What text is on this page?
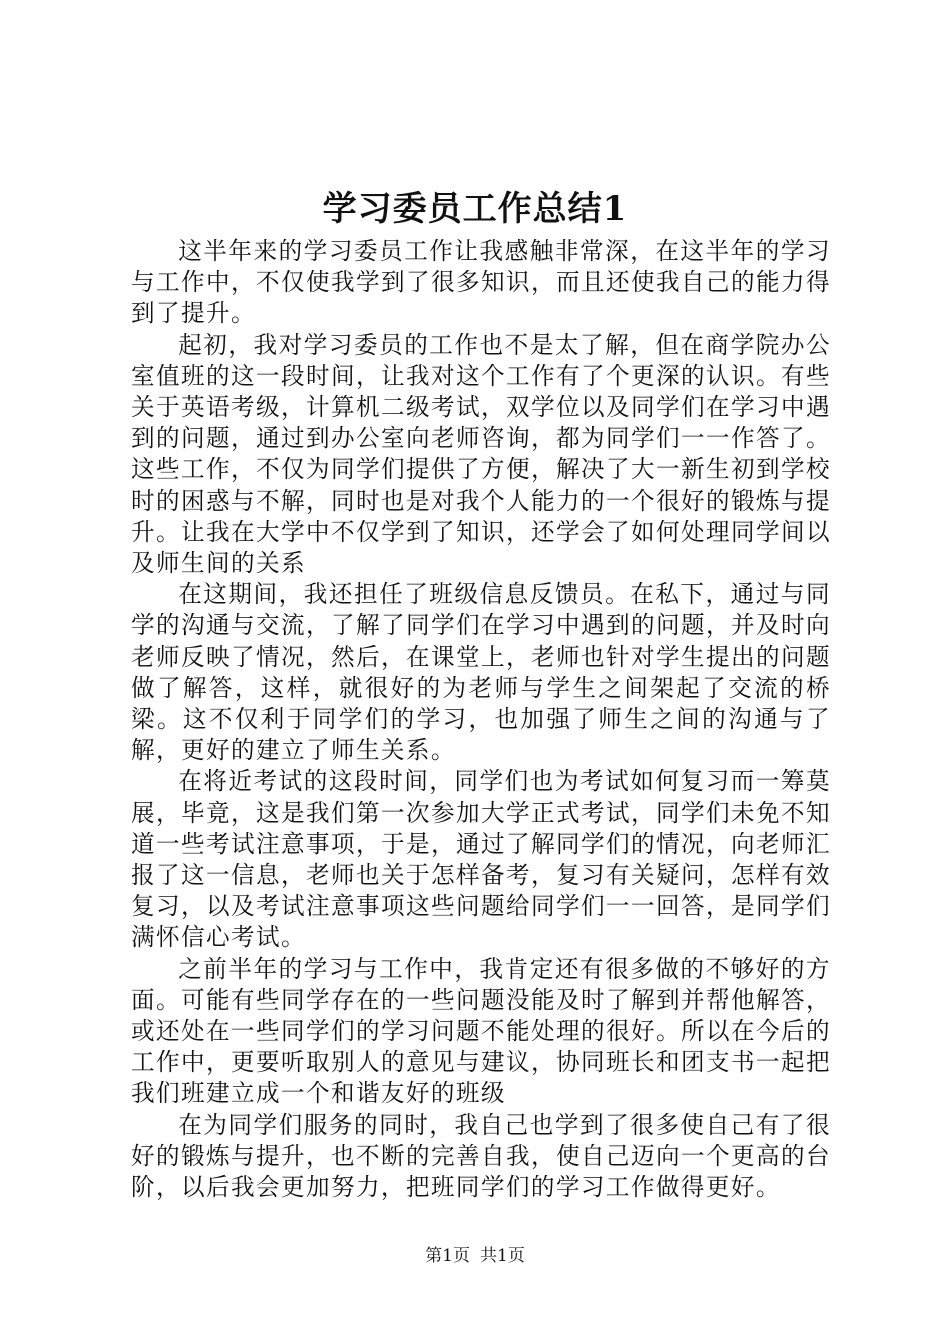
学习委员工作总结1

这半年来的学习委员工作让我感触非常深，在这半年的学习与工作中，不仅使我学到了很多知识，而且还使我自己的能力得到了提升。

起初，我对学习委员的工作也不是太了解，但在商学院办公室值班的这一段时间，让我对这个工作有了个更深的认识。有些关于英语考级，计算机二级考试，双学位以及同学们在学习中遇到的问题，通过到办公室向老师咨询，都为同学们一一作答了。这些工作，不仅为同学们提供了方便，解决了大一新生初到学校时的困惑与不解，同时也是对我个人能力的一个很好的锻炼与提升。让我在大学中不仅学到了知识，还学会了如何处理同学间以及师生间的关系

在这期间，我还担任了班级信息反馈员。在私下，通过与同学的沟通与交流，了解了同学们在学习中遇到的问题，并及时向老师反映了情况，然后，在课堂上，老师也针对学生提出的问题做了解答，这样，就很好的为老师与学生之间架起了交流的桥梁。这不仅利于同学们的学习，也加强了师生之间的沟通与了解，更好的建立了师生关系。

在将近考试的这段时间，同学们也为考试如何复习而一筹莫展，毕竟，这是我们第一次参加大学正式考试，同学们未免不知道一些考试注意事项，于是，通过了解同学们的情况，向老师汇报了这一信息，老师也关于怎样备考，复习有关疑问，怎样有效复习，以及考试注意事项这些问题给同学们一一回答，是同学们满怀信心考试。

之前半年的学习与工作中，我肯定还有很多做的不够好的方面。可能有些同学存在的一些问题没能及时了解到并帮他解答，或还处在一些同学们的学习问题不能处理的很好。所以在今后的工作中，更要听取别人的意见与建议，协同班长和团支书一起把我们班建立成一个和谐友好的班级

在为同学们服务的同时，我自己也学到了很多使自己有了很好的锻炼与提升，也不断的完善自我，使自己迈向一个更高的台阶，以后我会更加努力，把班同学们的学习工作做得更好。

第1页 共1页
